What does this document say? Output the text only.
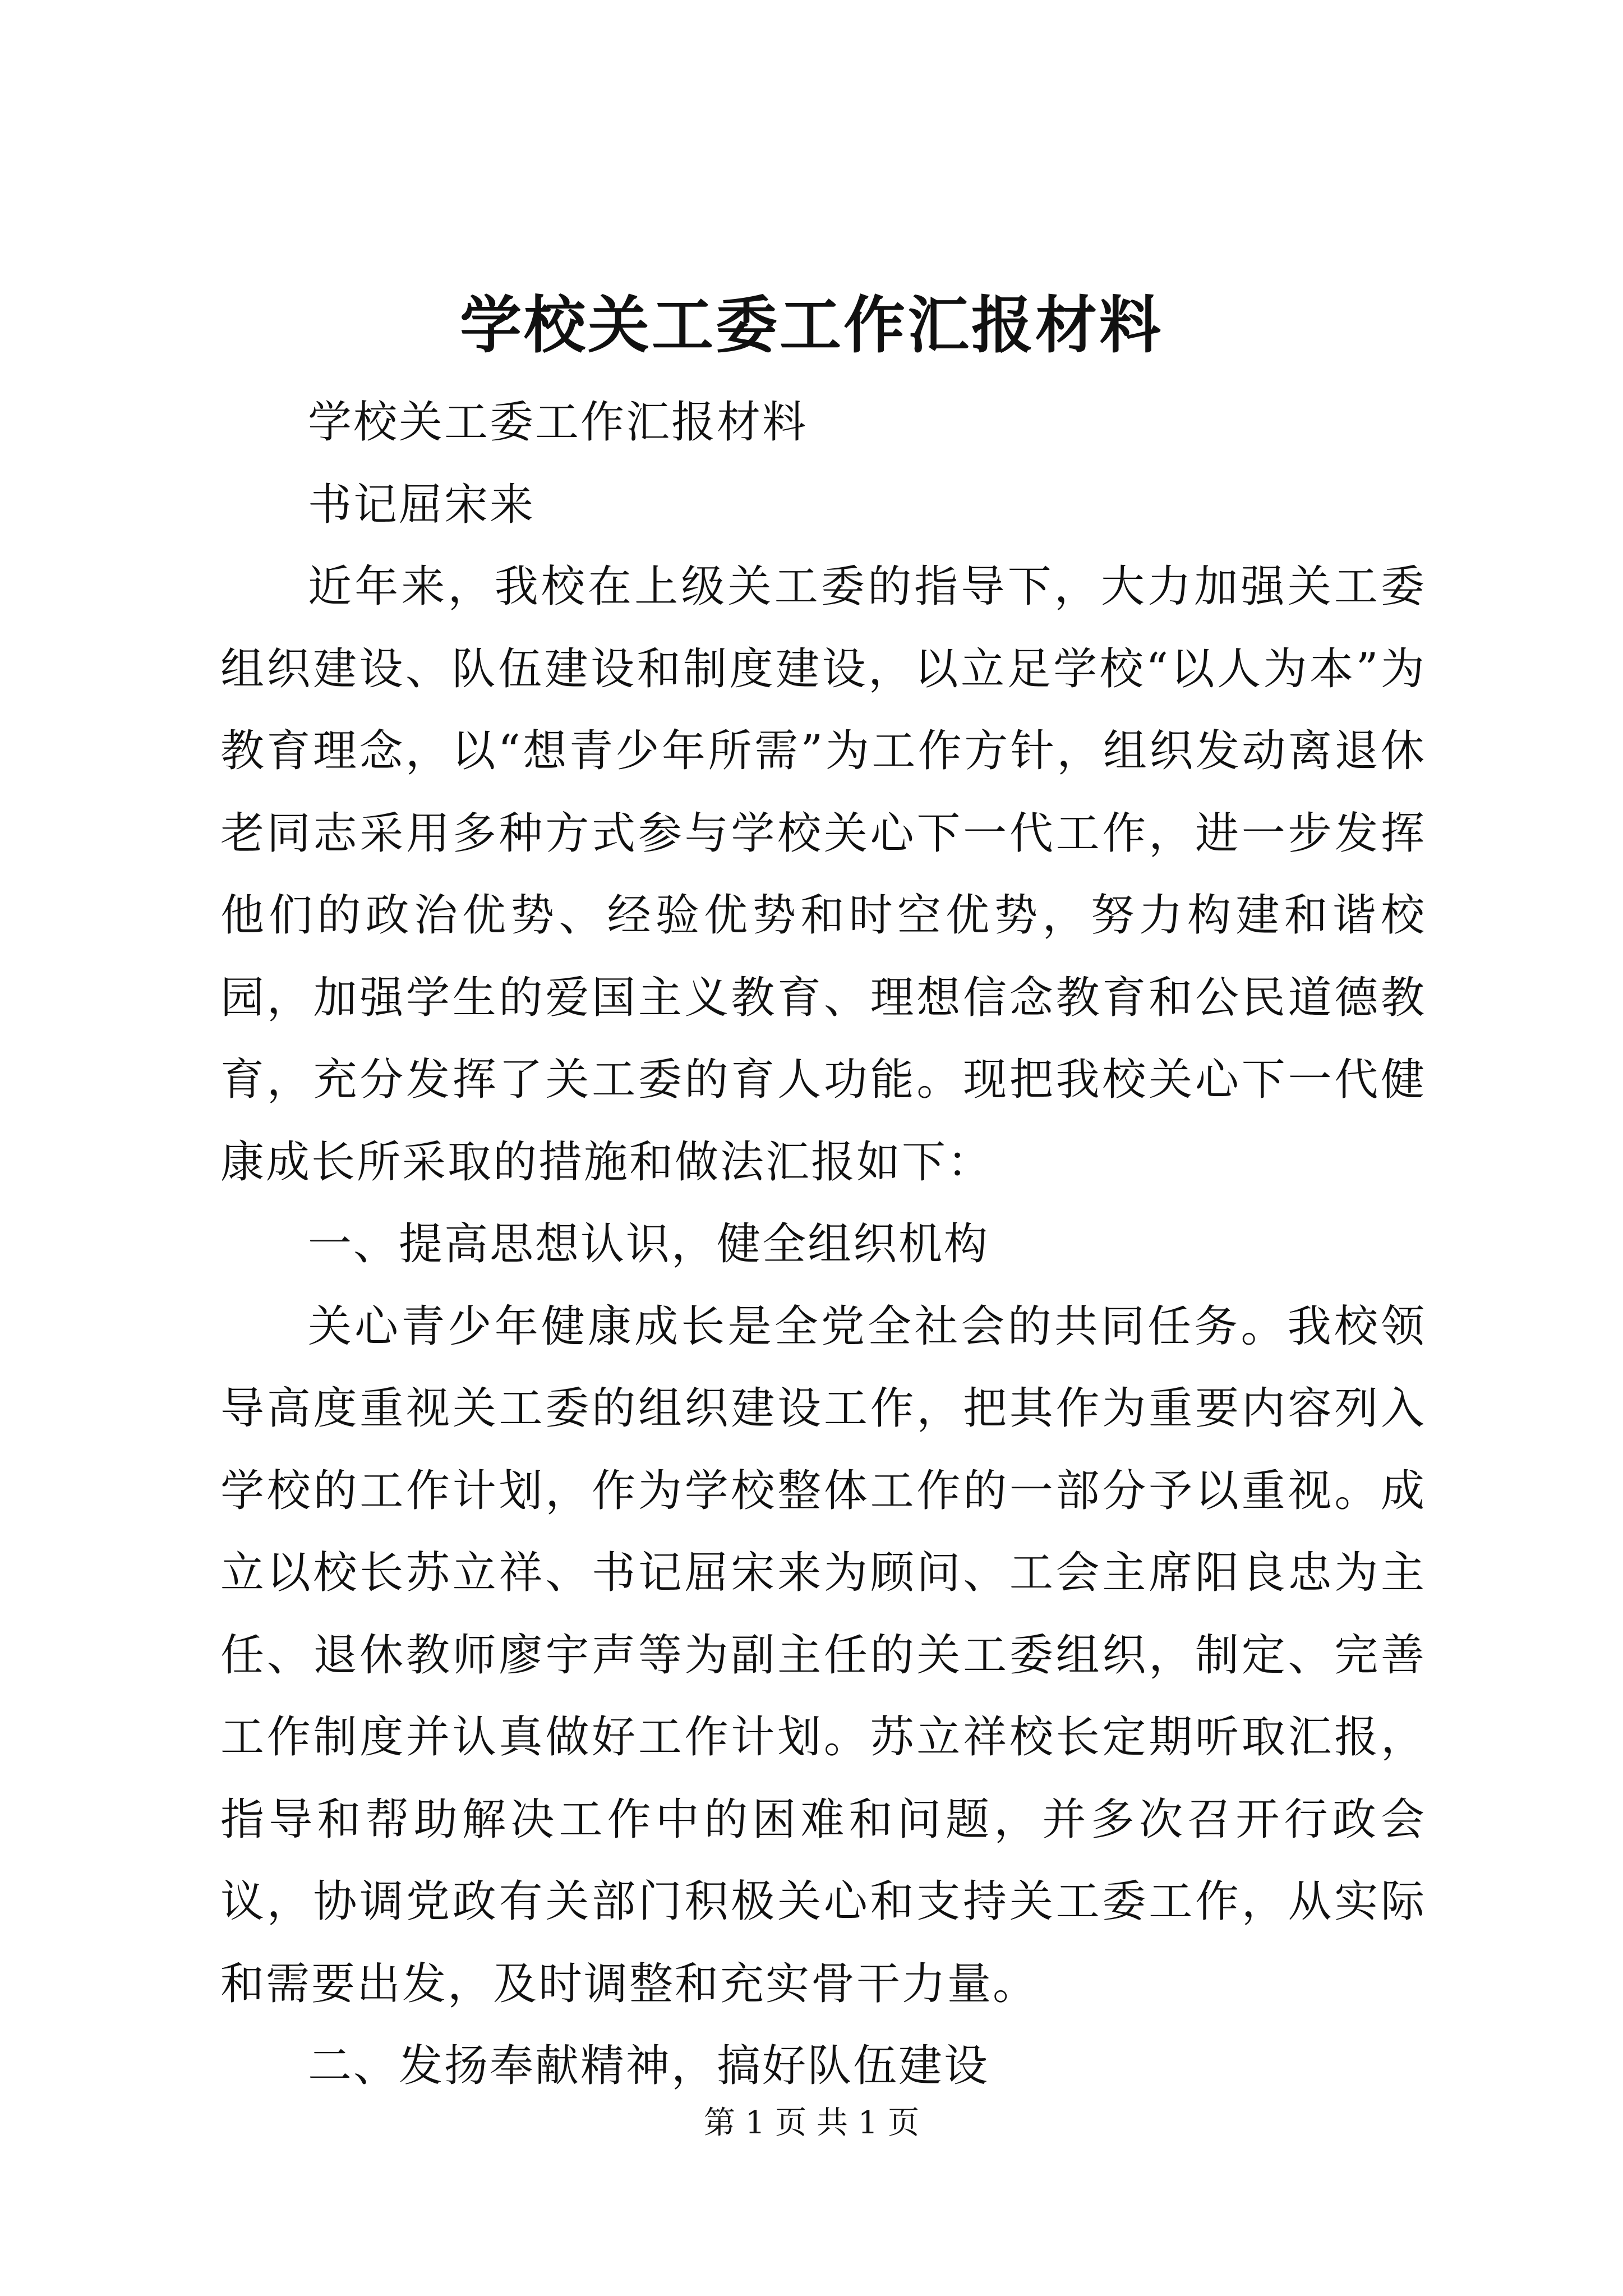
学校关工委工作汇报材料

学校关工委工作汇报材料

书记屈宋来

近年来，我校在上级关工委的指导下，大力加强关工委组织建设、队伍建设和制度建设，以立足学校“以人为本”为教育理念，以“想青少年所需”为工作方针，组织发动离退休老同志采用多种方式参与学校关心下一代工作，进一步发挥他们的政治优势、经验优势和时空优势，努力构建和谐校园，加强学生的爱国主义教育、理想信念教育和公民道德教育，充分发挥了关工委的育人功能。现把我校关心下一代健康成长所采取的措施和做法汇报如下：

一、提高思想认识，健全组织机构

关心青少年健康成长是全党全社会的共同任务。我校领导高度重视关工委的组织建设工作，把其作为重要内容列入学校的工作计划，作为学校整体工作的一部分予以重视。成立以校长苏立祥、书记屈宋来为顾问、工会主席阳良忠为主任、退休教师廖宇声等为副主任的关工委组织，制定、完善工作制度并认真做好工作计划。苏立祥校长定期听取汇报，指导和帮助解决工作中的困难和问题，并多次召开行政会议，协调党政有关部门积极关心和支持关工委工作，从实际和需要出发，及时调整和充实骨干力量。

二、发扬奉献精神，搞好队伍建设

第 1 页 共 1 页
